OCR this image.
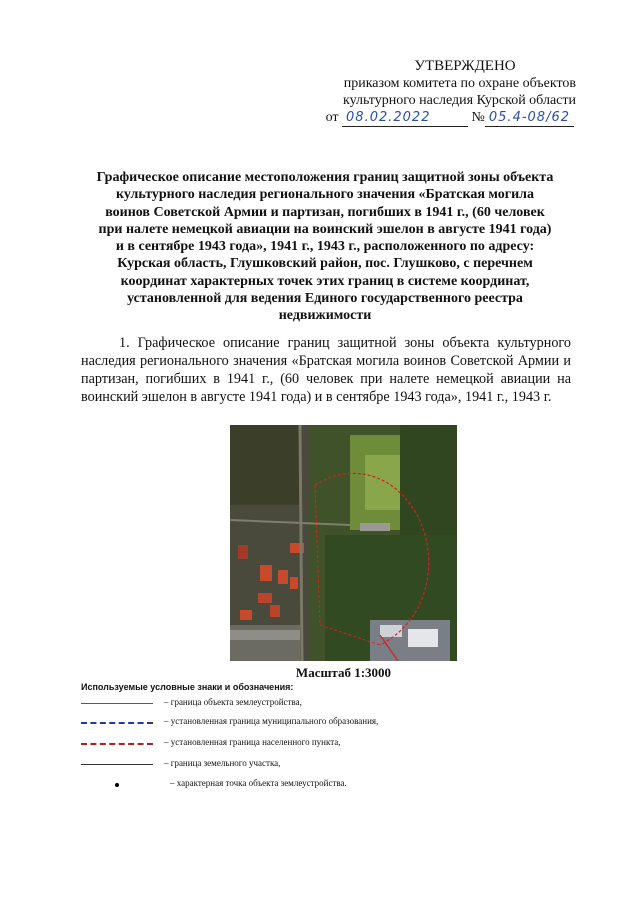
УТВЕРЖДЕНО
приказом комитета по охране объектов
культурного наследия Курской области
от 08.02.2022	№ 05.4-08/62
Графическое описание местоположения границ защитной зоны объекта культурного наследия регионального значения «Братская могила воинов Советской Армии и партизан, погибших в 1941 г., (60 человек при налете немецкой авиации на воинский эшелон в августе 1941 года) и в сентябре 1943 года», 1941 г., 1943 г., расположенного по адресу: Курская область, Глушковский район, пос. Глушково, с перечнем координат характерных точек этих границ в системе координат, установленной для ведения Единого государственного реестра недвижимости
1. Графическое описание границ защитной зоны объекта культурного наследия регионального значения «Братская могила воинов Советской Армии и партизан, погибших в 1941 г., (60 человек при налете немецкой авиации на воинский эшелон в августе 1941 года) и в сентябре 1943 года», 1941 г., 1943 г.
Масштаб 1:3000
Используемые условные знаки и обозначения:
– граница объекта землеустройства,
– установленная граница муниципального образования,
– установленная граница населенного пункта,
– граница земельного участка,
– характерная точка объекта землеустройства.
